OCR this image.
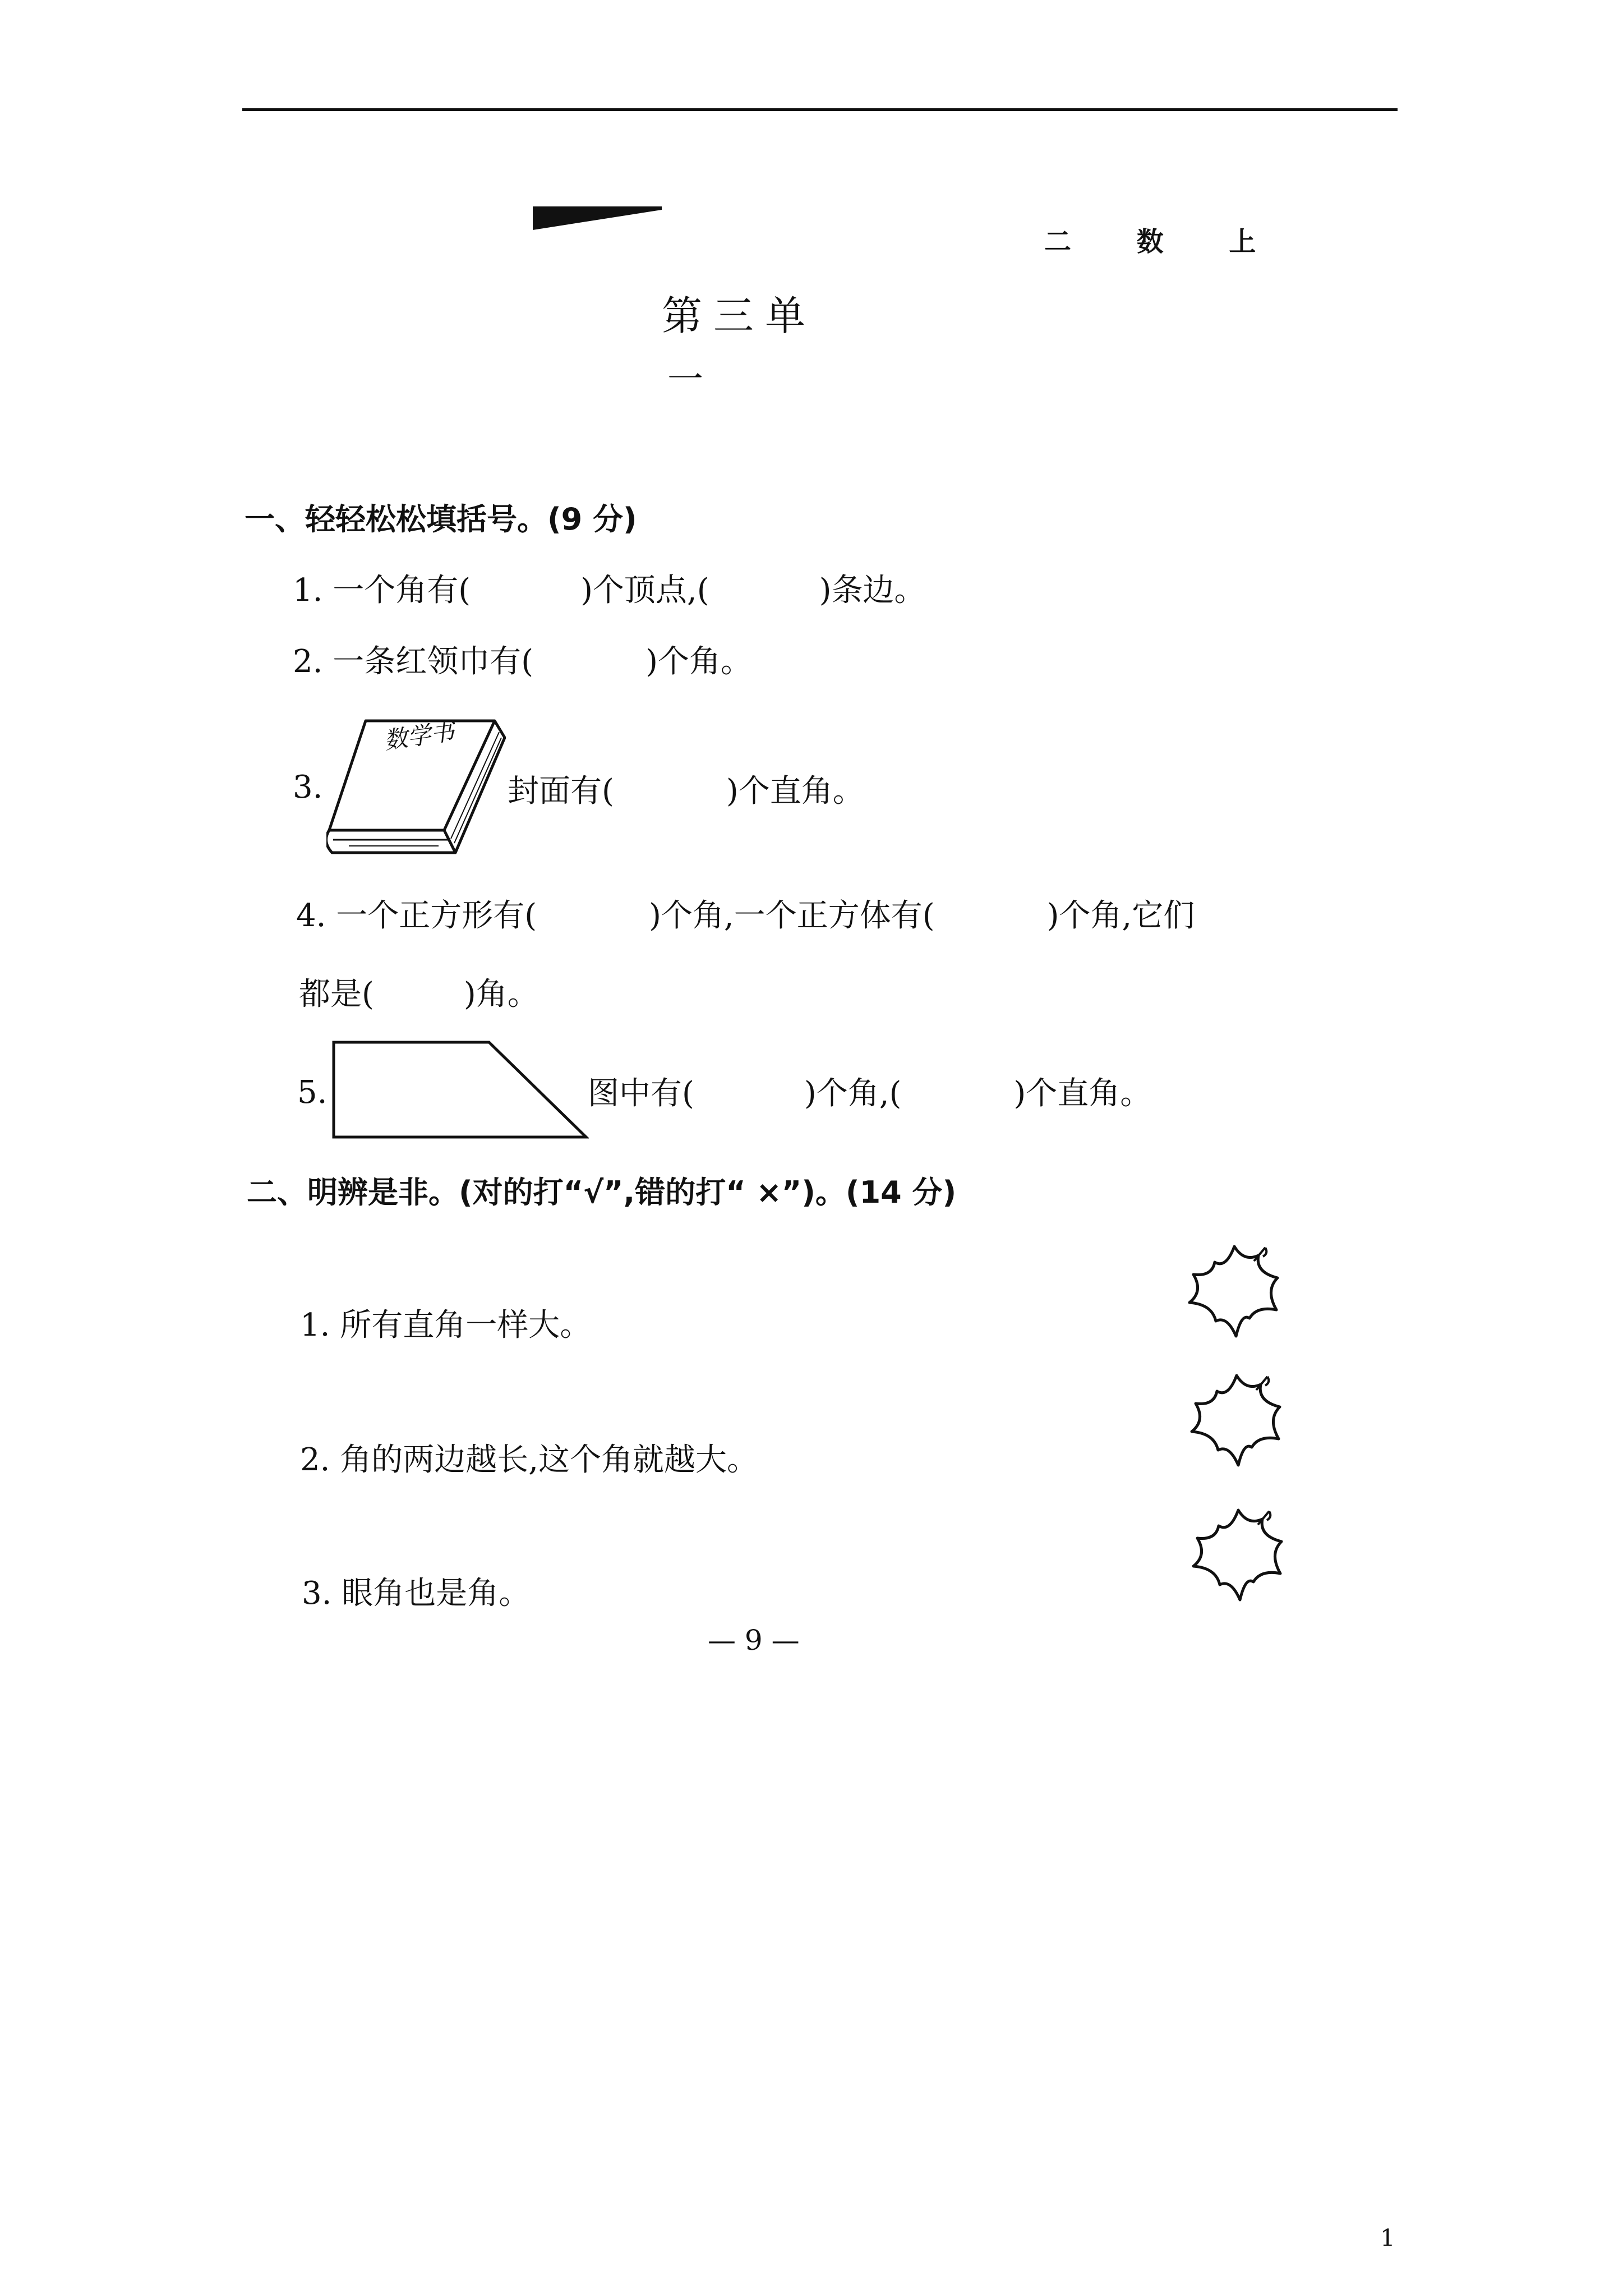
二 数 上
第三单
一
一、轻轻松松填括号。(9 分)
1. 一个角有(	)个顶点,(	)条边。
2. 一条红领巾有(	)个角。
3.
数学书
封面有(	)个直角。
4. 一个正方形有(	)个角,一个正方体有(	)个角,它们
都是(	)角。
5.	图中有(	)个角,(	)个直角。
二、明辨是非。(对的打“√”,错的打“ ×”)。(14 分)
1. 所有直角一样大。
2. 角的两边越长,这个角就越大。
3. 眼角也是角。
— 9 —
1
